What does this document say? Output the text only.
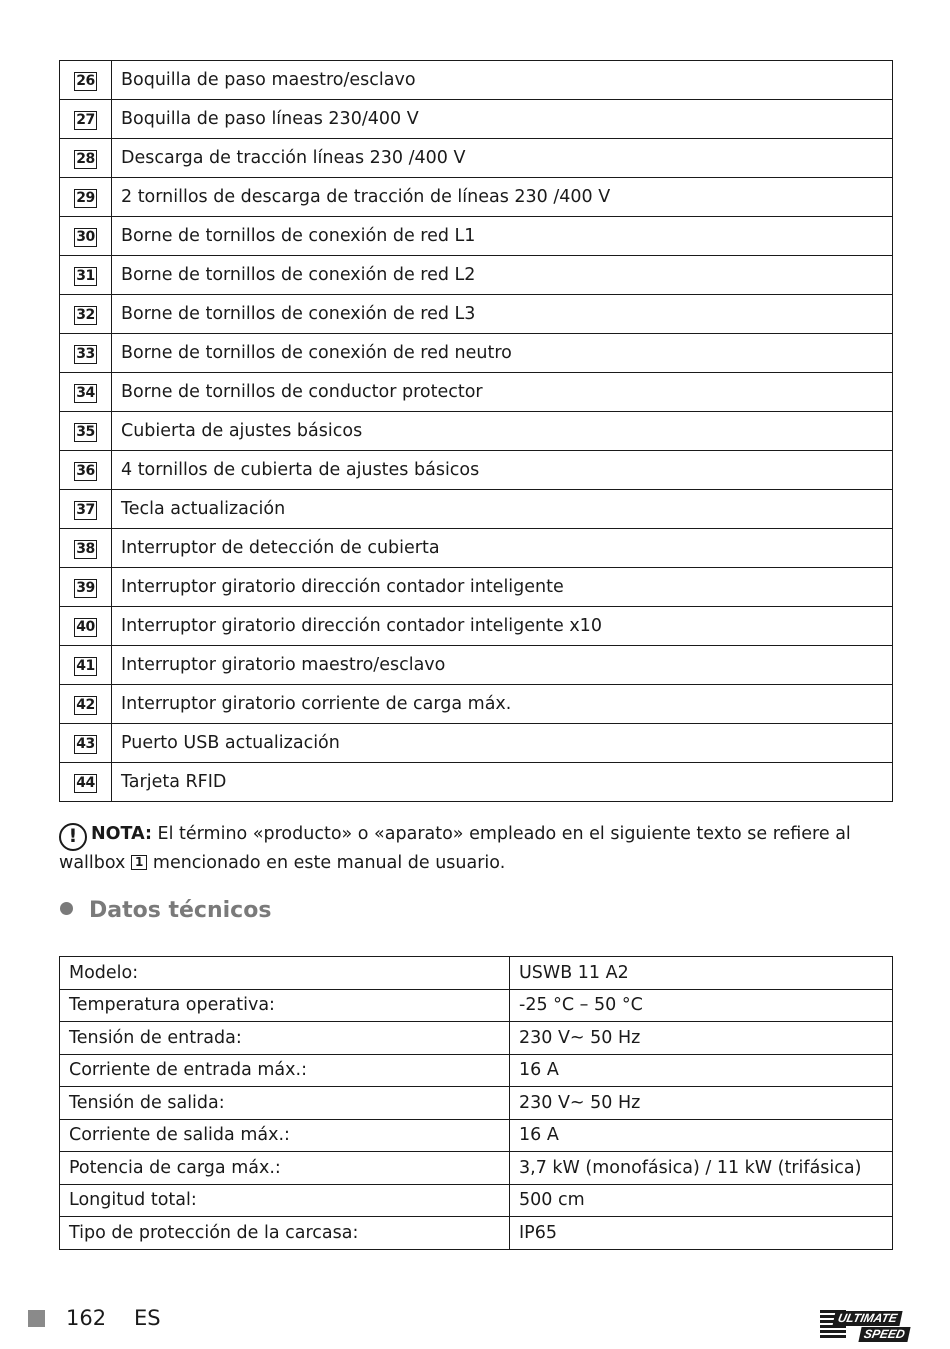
26	Boquilla de paso maestro/esclavo
27	Boquilla de paso líneas 230/400 V
28	Descarga de tracción líneas 230 /400 V
29	2 tornillos de descarga de tracción de líneas 230 /400 V
30	Borne de tornillos de conexión de red L1
31	Borne de tornillos de conexión de red L2
32	Borne de tornillos de conexión de red L3
33	Borne de tornillos de conexión de red neutro
34	Borne de tornillos de conductor protector
35	Cubierta de ajustes básicos
36	4 tornillos de cubierta de ajustes básicos
37	Tecla actualización
38	Interruptor de detección de cubierta
39	Interruptor giratorio dirección contador inteligente
40	Interruptor giratorio dirección contador inteligente x10
41	Interruptor giratorio maestro/esclavo
42	Interruptor giratorio corriente de carga máx.
43	Puerto USB actualización
44	Tarjeta RFID
! NOTA: El término «producto» o «aparato» empleado en el siguiente texto se refiere al wallbox 1 mencionado en este manual de usuario.
Datos técnicos
Modelo:	USWB 11 A2
Temperatura operativa:	-25 °C – 50 °C
Tensión de entrada:	230 V~ 50 Hz
Corriente de entrada máx.:	16 A
Tensión de salida:	230 V~ 50 Hz
Corriente de salida máx.:	16 A
Potencia de carga máx.:	3,7 kW (monofásica) / 11 kW (trifásica)
Longitud total:	500 cm
Tipo de protección de la carcasa:	IP65
162 ES	ULTIMATE
SPEED
